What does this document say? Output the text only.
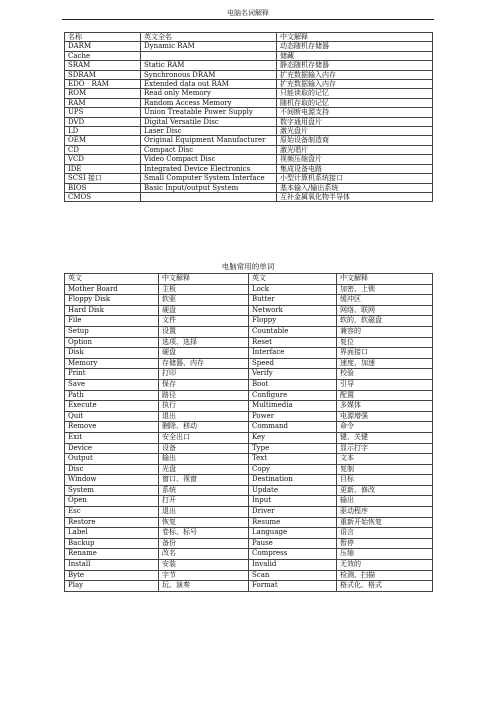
电脑名词解释
名称	英文全名	中文解释
DARM	Dynamic RAM	动态随机存储器
Cache		储藏
SRAM	Static RAM	静态随机存储器
SDRAM	Synchronous DRAM	扩充数据输入内存
EDO　RAM	Extended data out RAM	扩充数据输入内存
ROM	Read only Memory	只能读取的记忆
RAM	Random Access Memory	随机存取的记忆
UPS	Union Treatable Power Supply	不间断电源支持
DVD	Digital Versatile Disc	数字通用盘片
LD	Laser Disc	激光盘片
OEM	Original Equipment Manufacturer	原始设备制造商
CD	Compact Disc	激光唱片
VCD	Video Compact Disc	视频压缩盘片
IDE	Integrated Device Electronics	集成设备电路
SCSI 接口	Small Computer System Interface	小型计算机系统接口
BIOS	Basic Input/output System	基本输入/输出系统
CMOS		互补金属氧化物半导体
电脑常用的单词
英文	中文解释	英文	中文解释
Mother Board	主板	Lock	加密、上锁
Floppy Disk	软驱	Butter	缓冲区
Hard Disk	硬盘	Network	网络、联网
File	文件	Floppy	软的，软磁盘
Setup	设置	Countable	兼容的
Option	选项、选择	Reset	复位
Disk	硬盘	Interface	界面接口
Memory	存储器、内存	Speed	速度、加速
Print	打印	Verify	校验
Save	保存	Boot	引导
Path	路径	Configure	配置
Execute	执行	Multimedia	多媒体
Quit	退出	Power	电源增强
Remove	删除、移动	Command	命令
Exit	安全出口	Key	键、关键
Device	设备	Type	显示打字
Output	输出	Text	文本
Disc	光盘	Copy	复制
Window	窗口、视窗	Destination	目标
System	系统	Update	更新、修改
Open	打开	Input	输出
Esc	退出	Driver	驱动程序
Restore	恢复	Resume	重新开始恢复
Label	卷标、标号	Language	语言
Backup	备份	Pause	暂停
Rename	改名	Compress	压缩
Install	安装	Invalid	无效的
Byte	字节	Scan	检测、扫描
Play	玩、演奏	Format	格式化、格式
